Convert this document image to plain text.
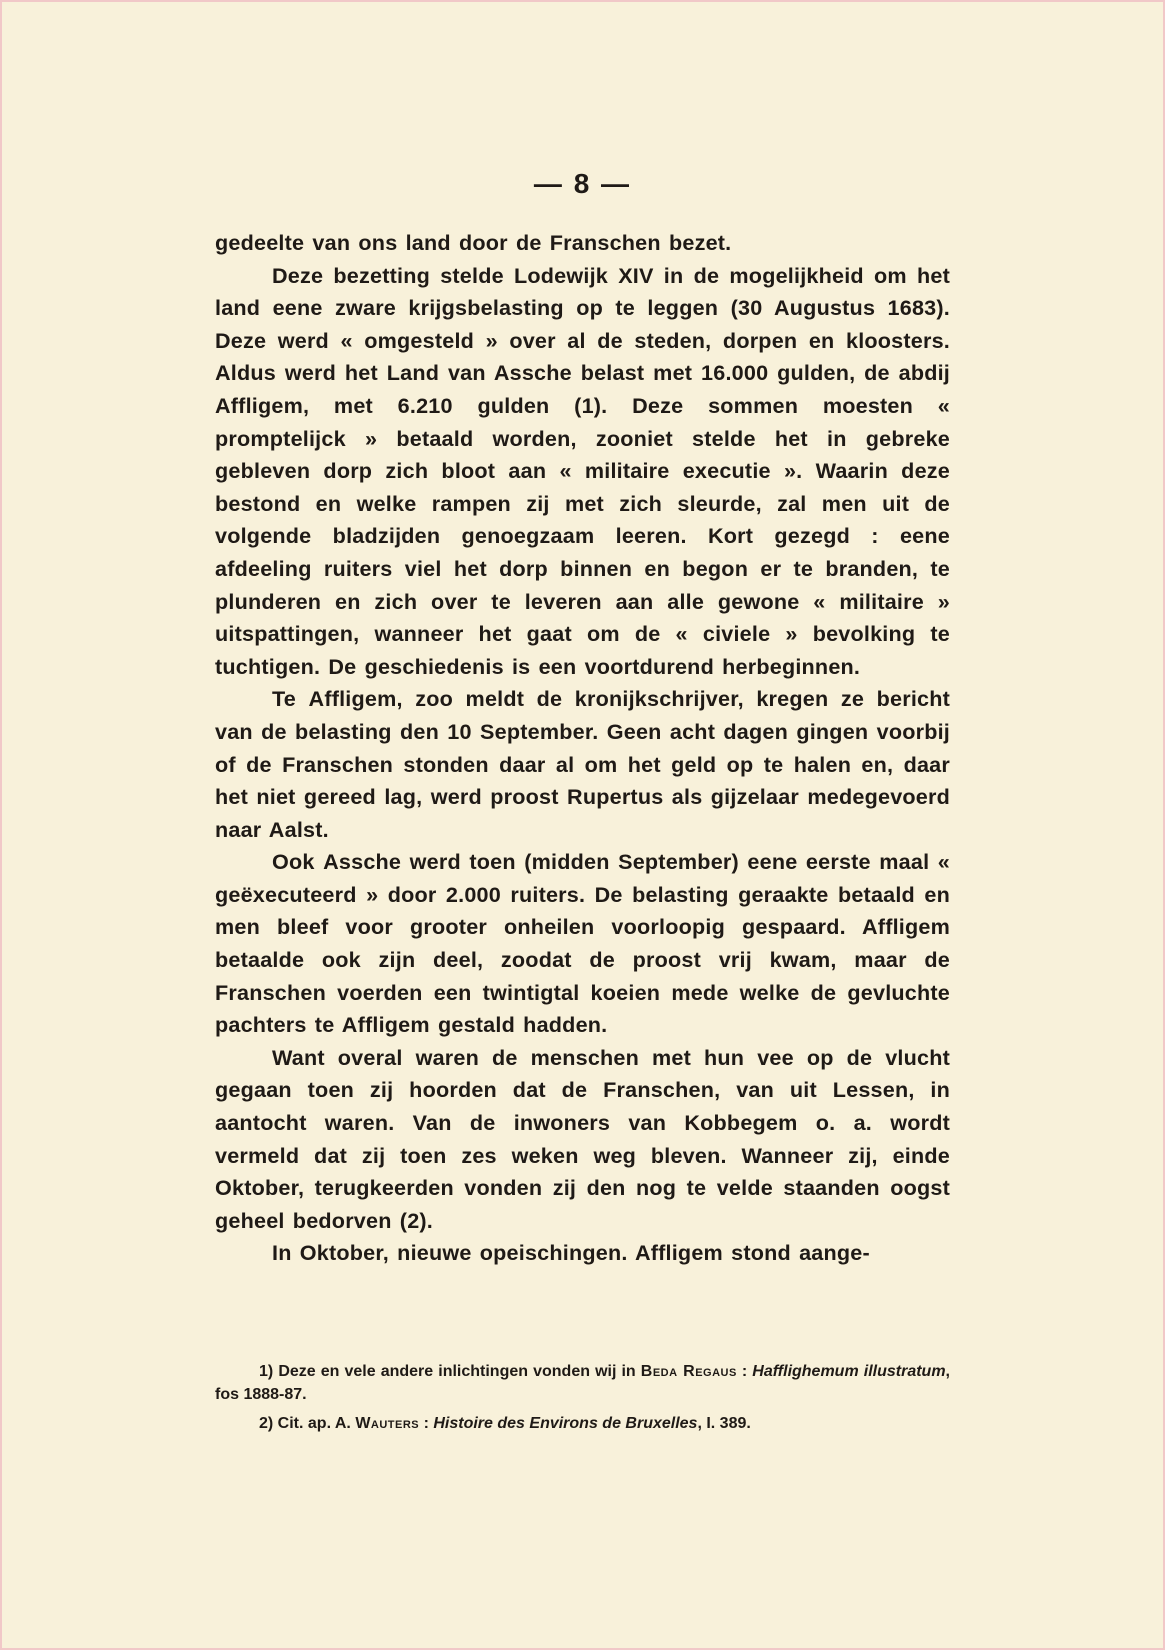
— 8 —

gedeelte van ons land door de Franschen bezet.

Deze bezetting stelde Lodewijk XIV in de mogelijkheid om het land eene zware krijgsbelasting op te leggen (30 Augustus 1683). Deze werd « omgesteld » over al de steden, dorpen en kloosters. Aldus werd het Land van Assche belast met 16.000 gulden, de abdij Affligem, met 6.210 gulden (1). Deze sommen moesten « promptelijck » betaald worden, zooniet stelde het in gebreke gebleven dorp zich bloot aan « militaire executie ». Waarin deze bestond en welke rampen zij met zich sleurde, zal men uit de volgende bladzijden genoegzaam leeren. Kort gezegd : eene afdeeling ruiters viel het dorp binnen en begon er te branden, te plunderen en zich over te leveren aan alle gewone « militaire » uitspattingen, wanneer het gaat om de « civiele » bevolking te tuchtigen. De geschiedenis is een voortdurend herbeginnen.

Te Affligem, zoo meldt de kronijkschrijver, kregen ze bericht van de belasting den 10 September. Geen acht dagen gingen voorbij of de Franschen stonden daar al om het geld op te halen en, daar het niet gereed lag, werd proost Rupertus als gijzelaar medegevoerd naar Aalst.

Ook Assche werd toen (midden September) eene eerste maal « geëxecuteerd » door 2.000 ruiters. De belasting geraakte betaald en men bleef voor grooter onheilen voorloopig gespaard. Affligem betaalde ook zijn deel, zoodat de proost vrij kwam, maar de Franschen voerden een twintigtal koeien mede welke de gevluchte pachters te Affligem gestald hadden.

Want overal waren de menschen met hun vee op de vlucht gegaan toen zij hoorden dat de Franschen, van uit Lessen, in aantocht waren. Van de inwoners van Kobbegem o. a. wordt vermeld dat zij toen zes weken weg bleven. Wanneer zij, einde Oktober, terugkeerden vonden zij den nog te velde staanden oogst geheel bedorven (2).

In Oktober, nieuwe opeischingen. Affligem stond aange-

1) Deze en vele andere inlichtingen vonden wij in Beda Regaus : Hafflighemum illustratum, fos 1888-87.

2) Cit. ap. A. Wauters : Histoire des Environs de Bruxelles, I. 389.
